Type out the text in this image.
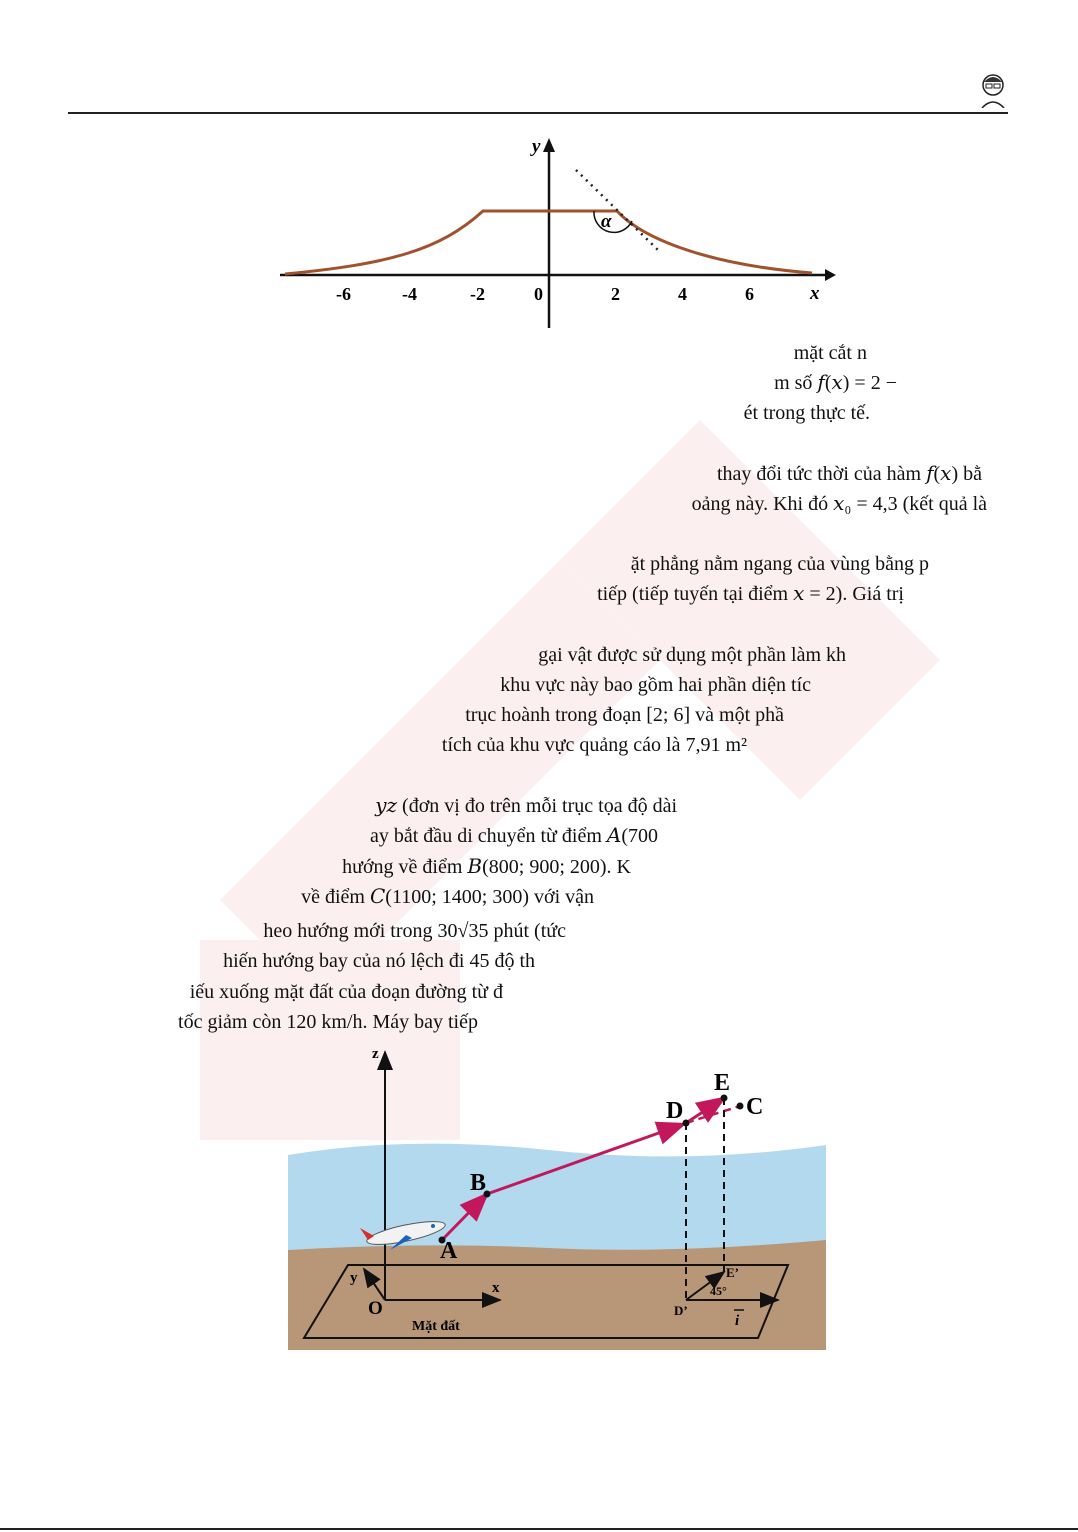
α
-6	-4	-2	0	2	4	6	x
y
mặt cắt n
m số 𝑓(𝑥) = 2 −
ét trong thực tế.
thay đổi tức thời của hàm 𝑓(𝑥) bằ
oảng này. Khi đó 𝑥₀ = 4,3 (kết quả là
ặt phẳng nằm ngang của vùng bằng p
tiếp (tiếp tuyến tại điểm 𝑥 = 2). Giá trị
gại vật được sử dụng một phần làm kh
khu vực này bao gồm hai phần diện tíc
trục hoành trong đoạn [2; 6] và một phầ
tích của khu vực quảng cáo là 7,91 m²
𝑦𝑧 (đơn vị đo trên mỗi trục tọa độ dài
ay bắt đầu di chuyển từ điểm 𝐴(700
hướng về điểm 𝐵(800; 900; 200). K
về điểm 𝐶(1100; 1400; 300) với vận
heo hướng mới trong 30√35 phút (tức
hiến hướng bay của nó lệch đi 45 độ th
iếu xuống mặt đất của đoạn đường từ đ
tốc giảm còn 120 km/h. Máy bay tiếp
z
x
y
O
A
B
D
E
C
D’
E’
45°
i
Mặt đất
